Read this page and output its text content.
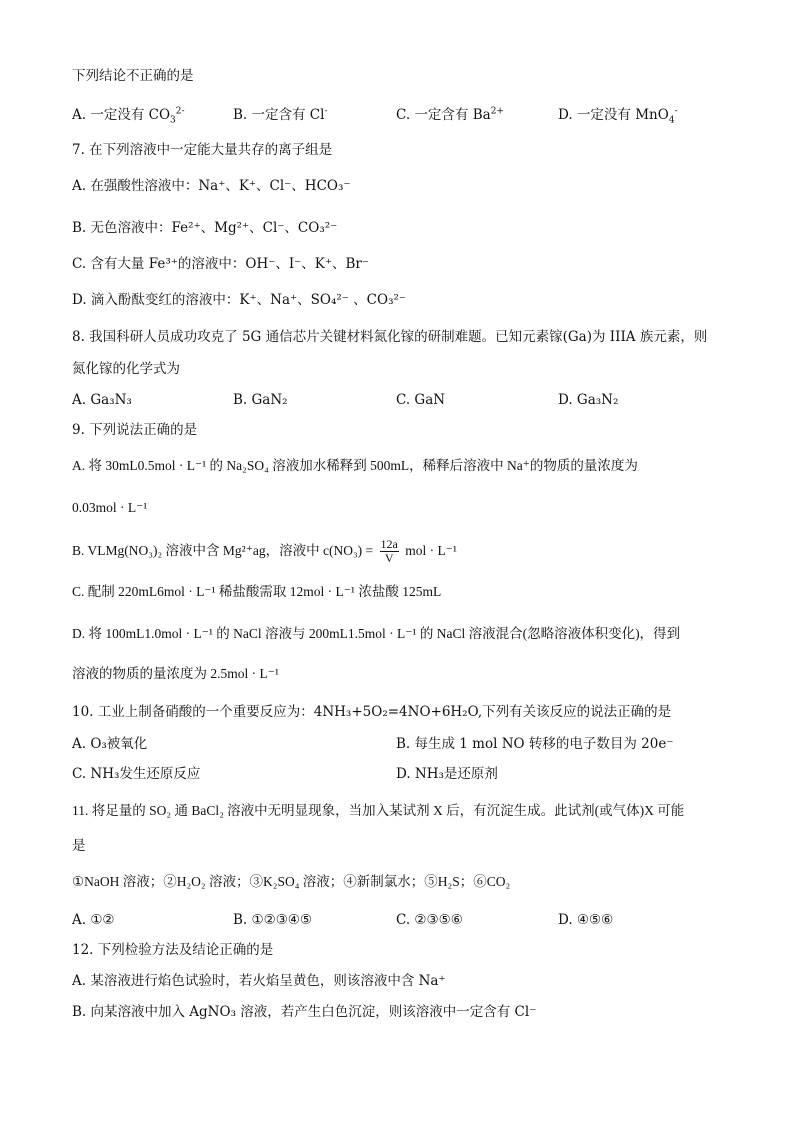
下列结论不正确的是
A. 一定没有 $CO_3^{2-}$	B. 一定含有 Cl-	C. 一定含有 $Ba^{2+}$	D. 一定没有 MnO$_4$-
7. 在下列溶液中一定能大量共存的离子组是
A. 在强酸性溶液中：Na⁺、K⁺、Cl⁻、HCO₃⁻
B. 无色溶液中：Fe²⁺、Mg²⁺、Cl⁻、CO₃²⁻
C. 含有大量 Fe³⁺的溶液中：OH⁻、I⁻、K⁺、Br⁻
D. 滴入酚酞变红的溶液中：K⁺、Na⁺、SO₄²⁻ 、CO₃²⁻
8. 我国科研人员成功攻克了 5G 通信芯片关键材料氮化镓的研制难题。已知元素镓(Ga)为 IIIA 族元素，则
氮化镓的化学式为
A. Ga₃N₃	B. GaN₂	C. GaN	D. Ga₃N₂
9. 下列说法正确的是
A. 将 30mL0.5mol · L⁻¹ 的 Na₂SO₄ 溶液加水稀释到 500mL，稀释后溶液中 Na⁺的物质的量浓度为
0.03mol · L⁻¹
B. VLMg(NO₃)₂ 溶液中含 Mg²⁺ag，溶液中 $c(NO_3) = \frac{12a}{V}$ mol · L⁻¹
C. 配制 220mL6mol · L⁻¹ 稀盐酸需取 12mol · L⁻¹ 浓盐酸 125mL
D. 将 100mL1.0mol · L⁻¹ 的 NaCl 溶液与 200mL1.5mol · L⁻¹ 的 NaCl 溶液混合(忽略溶液体积变化)，得到
溶液的物质的量浓度为 2.5mol · L⁻¹
10. 工业上制备硝酸的一个重要反应为：4NH₃+5O₂=4NO+6H₂O,下列有关该反应的说法正确的是
A. O₃被氧化	B. 每生成 1 mol NO 转移的电子数目为 20e⁻
C. NH₃发生还原反应	D. NH₃是还原剂
11. 将足量的 SO₂ 通 BaCl₂ 溶液中无明显现象，当加入某试剂 X 后，有沉淀生成。此试剂(或气体)X 可能
是
①NaOH 溶液；②H₂O₂ 溶液；③K₂SO₄ 溶液；④新制氯水；⑤H₂S；⑥CO₂
A. ①②	B. ①②③④⑤	C. ②③⑤⑥	D. ④⑤⑥
12. 下列检验方法及结论正确的是
A. 某溶液进行焰色试验时，若火焰呈黄色，则该溶液中含 Na⁺
B. 向某溶液中加入 AgNO₃ 溶液，若产生白色沉淀，则该溶液中一定含有 Cl⁻
